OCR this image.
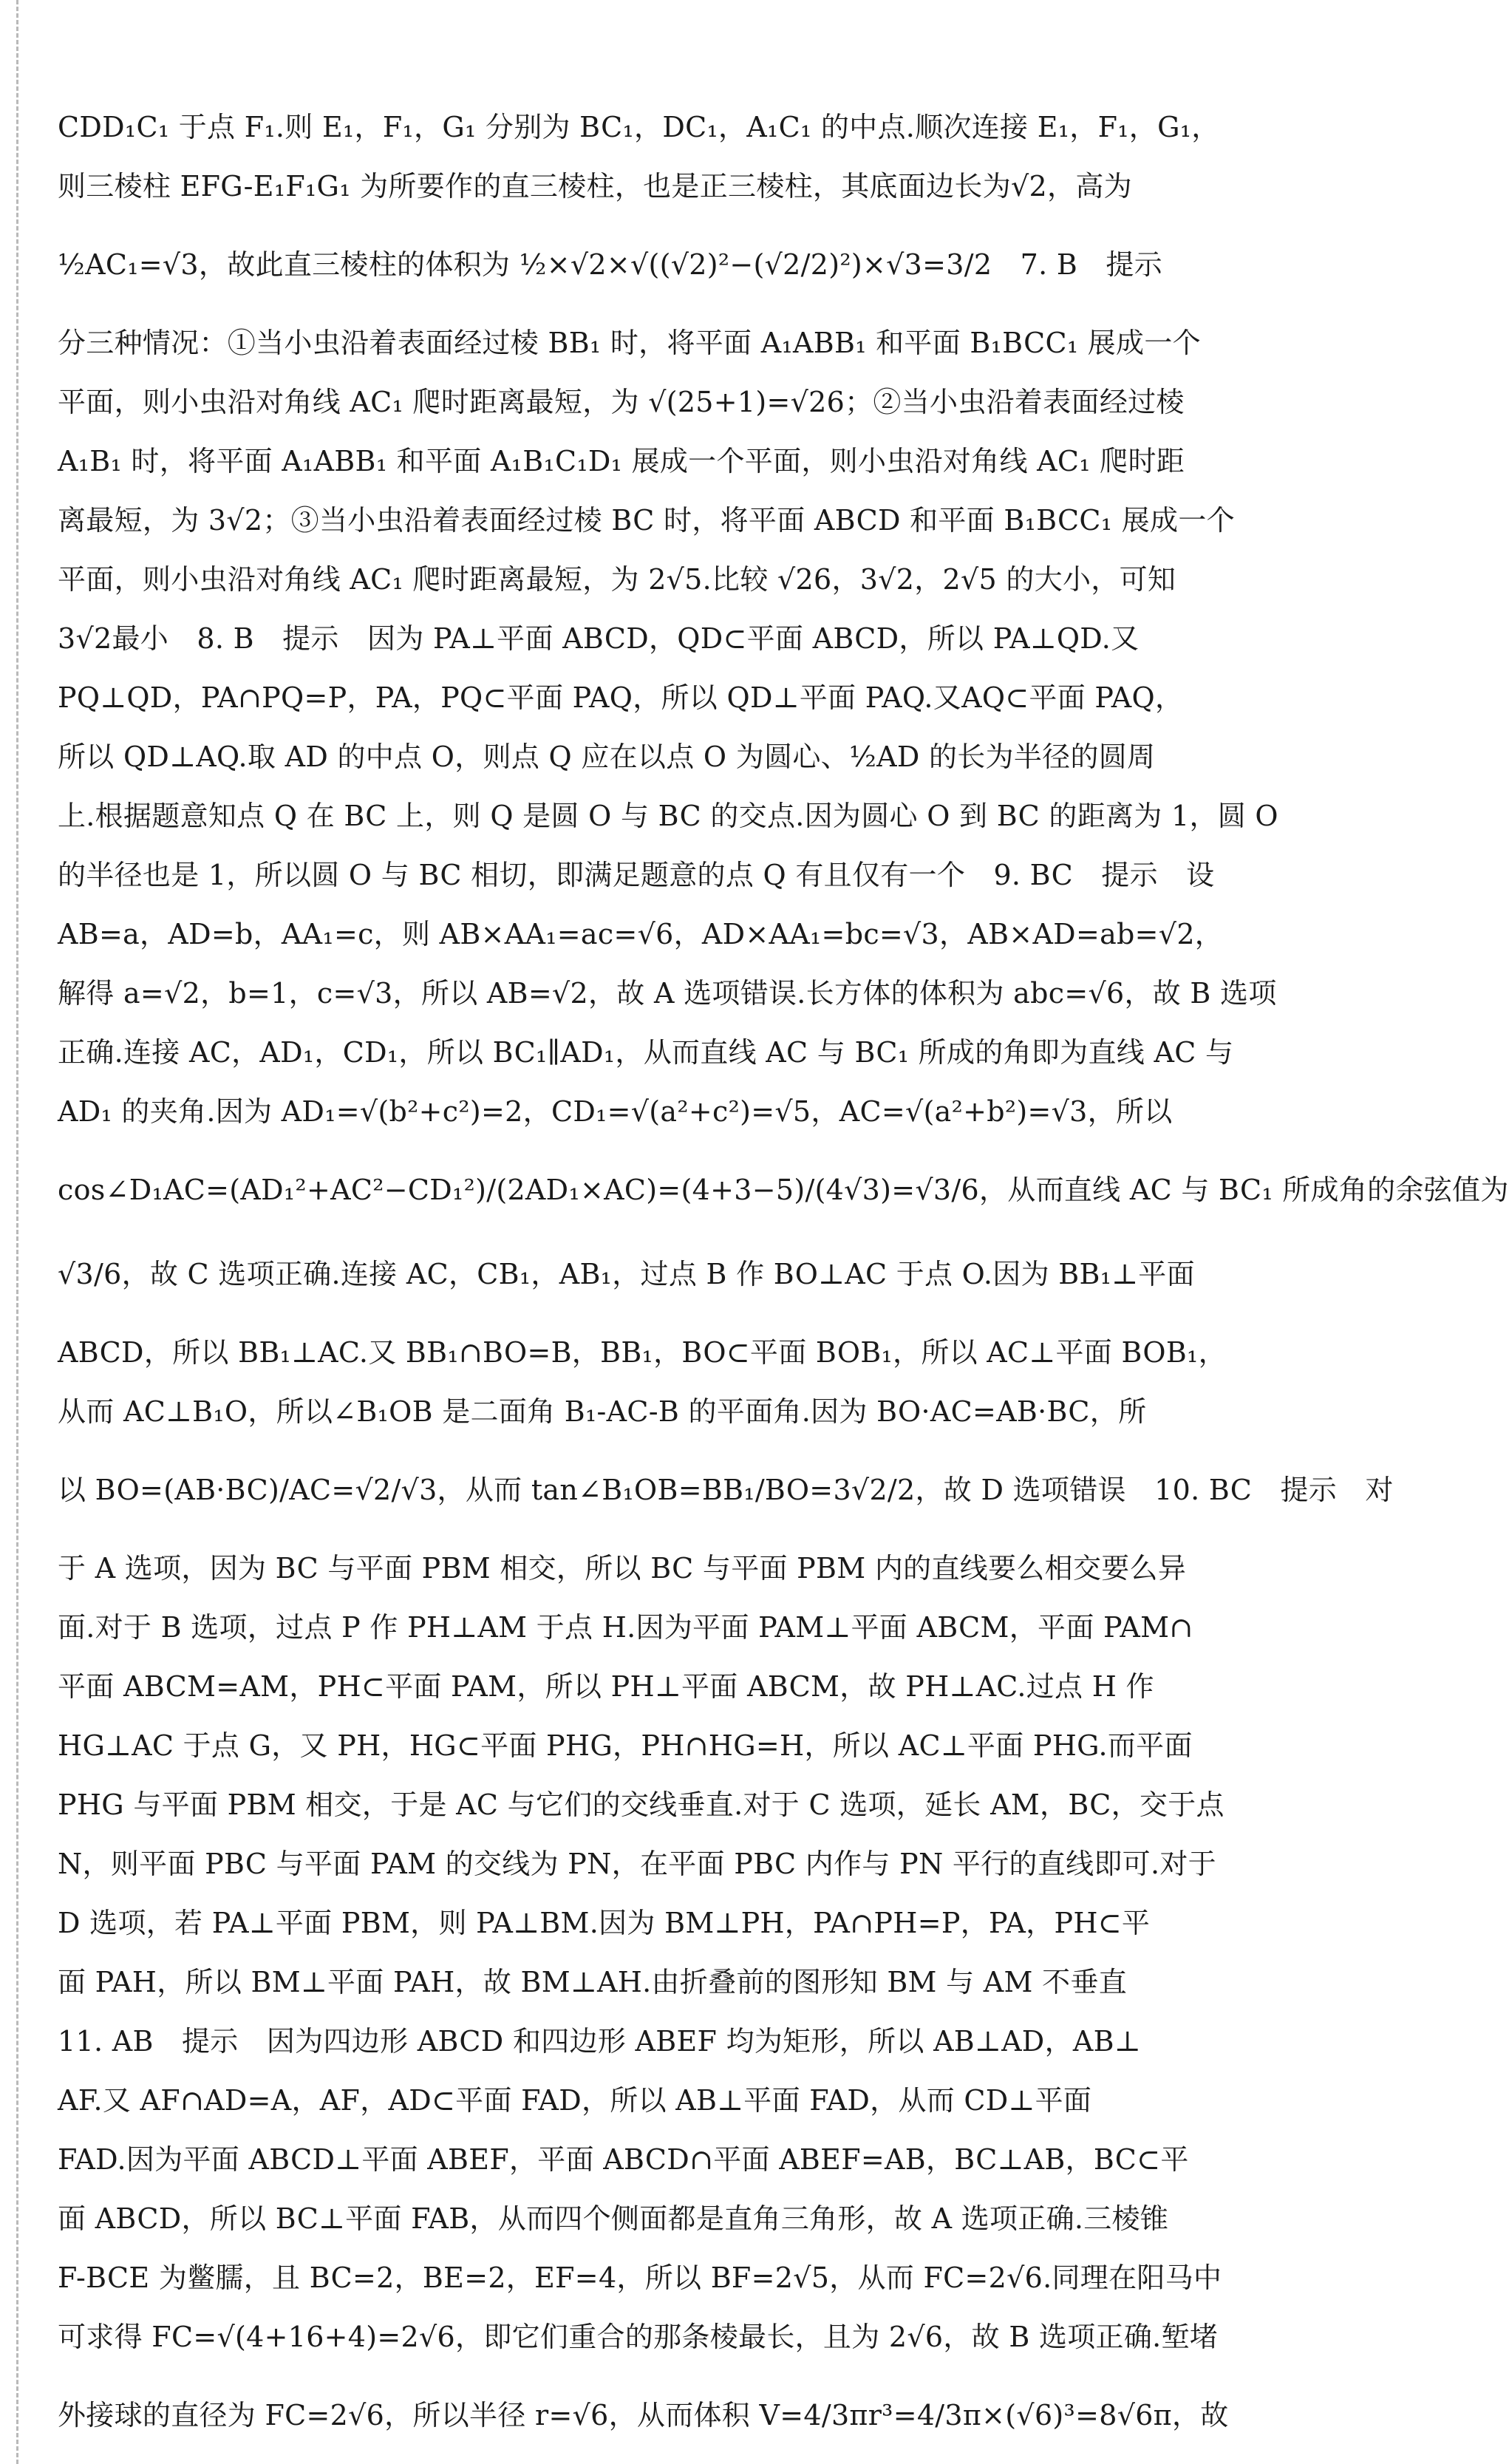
CDD₁C₁ 于点 F₁.则 E₁，F₁，G₁ 分别为 BC₁，DC₁，A₁C₁ 的中点.顺次连接 E₁，F₁，G₁，
则三棱柱 EFG-E₁F₁G₁ 为所要作的直三棱柱，也是正三棱柱，其底面边长为√2，高为
½AC₁=√3，故此直三棱柱的体积为 ½×√2×√((√2)²−(√2/2)²)×√3=3/2　7. B　提示
分三种情况：①当小虫沿着表面经过棱 BB₁ 时，将平面 A₁ABB₁ 和平面 B₁BCC₁ 展成一个
平面，则小虫沿对角线 AC₁ 爬时距离最短，为 √(25+1)=√26；②当小虫沿着表面经过棱
A₁B₁ 时，将平面 A₁ABB₁ 和平面 A₁B₁C₁D₁ 展成一个平面，则小虫沿对角线 AC₁ 爬时距
离最短，为 3√2；③当小虫沿着表面经过棱 BC 时，将平面 ABCD 和平面 B₁BCC₁ 展成一个
平面，则小虫沿对角线 AC₁ 爬时距离最短，为 2√5.比较 √26，3√2，2√5 的大小，可知
3√2最小　8. B　提示　因为 PA⊥平面 ABCD，QD⊂平面 ABCD，所以 PA⊥QD.又
PQ⊥QD，PA∩PQ=P，PA，PQ⊂平面 PAQ，所以 QD⊥平面 PAQ.又AQ⊂平面 PAQ，
所以 QD⊥AQ.取 AD 的中点 O，则点 Q 应在以点 O 为圆心、½AD 的长为半径的圆周
上.根据题意知点 Q 在 BC 上，则 Q 是圆 O 与 BC 的交点.因为圆心 O 到 BC 的距离为 1，圆 O
的半径也是 1，所以圆 O 与 BC 相切，即满足题意的点 Q 有且仅有一个　9. BC　提示　设
AB=a，AD=b，AA₁=c，则 AB×AA₁=ac=√6，AD×AA₁=bc=√3，AB×AD=ab=√2，
解得 a=√2，b=1，c=√3，所以 AB=√2，故 A 选项错误.长方体的体积为 abc=√6，故 B 选项
正确.连接 AC，AD₁，CD₁，所以 BC₁∥AD₁，从而直线 AC 与 BC₁ 所成的角即为直线 AC 与
AD₁ 的夹角.因为 AD₁=√(b²+c²)=2，CD₁=√(a²+c²)=√5，AC=√(a²+b²)=√3，所以
cos∠D₁AC=(AD₁²+AC²−CD₁²)/(2AD₁×AC)=(4+3−5)/(4√3)=√3/6，从而直线 AC 与 BC₁ 所成角的余弦值为
√3/6，故 C 选项正确.连接 AC，CB₁，AB₁，过点 B 作 BO⊥AC 于点 O.因为 BB₁⊥平面
ABCD，所以 BB₁⊥AC.又 BB₁∩BO=B，BB₁，BO⊂平面 BOB₁，所以 AC⊥平面 BOB₁，
从而 AC⊥B₁O，所以∠B₁OB 是二面角 B₁-AC-B 的平面角.因为 BO·AC=AB·BC，所
以 BO=(AB·BC)/AC=√2/√3，从而 tan∠B₁OB=BB₁/BO=3√2/2，故 D 选项错误　10. BC　提示　对
于 A 选项，因为 BC 与平面 PBM 相交，所以 BC 与平面 PBM 内的直线要么相交要么异
面.对于 B 选项，过点 P 作 PH⊥AM 于点 H.因为平面 PAM⊥平面 ABCM，平面 PAM∩
平面 ABCM=AM，PH⊂平面 PAM，所以 PH⊥平面 ABCM，故 PH⊥AC.过点 H 作
HG⊥AC 于点 G，又 PH，HG⊂平面 PHG，PH∩HG=H，所以 AC⊥平面 PHG.而平面
PHG 与平面 PBM 相交，于是 AC 与它们的交线垂直.对于 C 选项，延长 AM，BC，交于点
N，则平面 PBC 与平面 PAM 的交线为 PN，在平面 PBC 内作与 PN 平行的直线即可.对于
D 选项，若 PA⊥平面 PBM，则 PA⊥BM.因为 BM⊥PH，PA∩PH=P，PA，PH⊂平
面 PAH，所以 BM⊥平面 PAH，故 BM⊥AH.由折叠前的图形知 BM 与 AM 不垂直
11. AB　提示　因为四边形 ABCD 和四边形 ABEF 均为矩形，所以 AB⊥AD，AB⊥
AF.又 AF∩AD=A，AF，AD⊂平面 FAD，所以 AB⊥平面 FAD，从而 CD⊥平面
FAD.因为平面 ABCD⊥平面 ABEF，平面 ABCD∩平面 ABEF=AB，BC⊥AB，BC⊂平
面 ABCD，所以 BC⊥平面 FAB，从而四个侧面都是直角三角形，故 A 选项正确.三棱锥
F-BCE 为鳖臑，且 BC=2，BE=2，EF=4，所以 BF=2√5，从而 FC=2√6.同理在阳马中
可求得 FC=√(4+16+4)=2√6，即它们重合的那条棱最长，且为 2√6，故 B 选项正确.堑堵
外接球的直径为 FC=2√6，所以半径 r=√6，从而体积 V=4/3πr³=4/3π×(√6)³=8√6π，故
